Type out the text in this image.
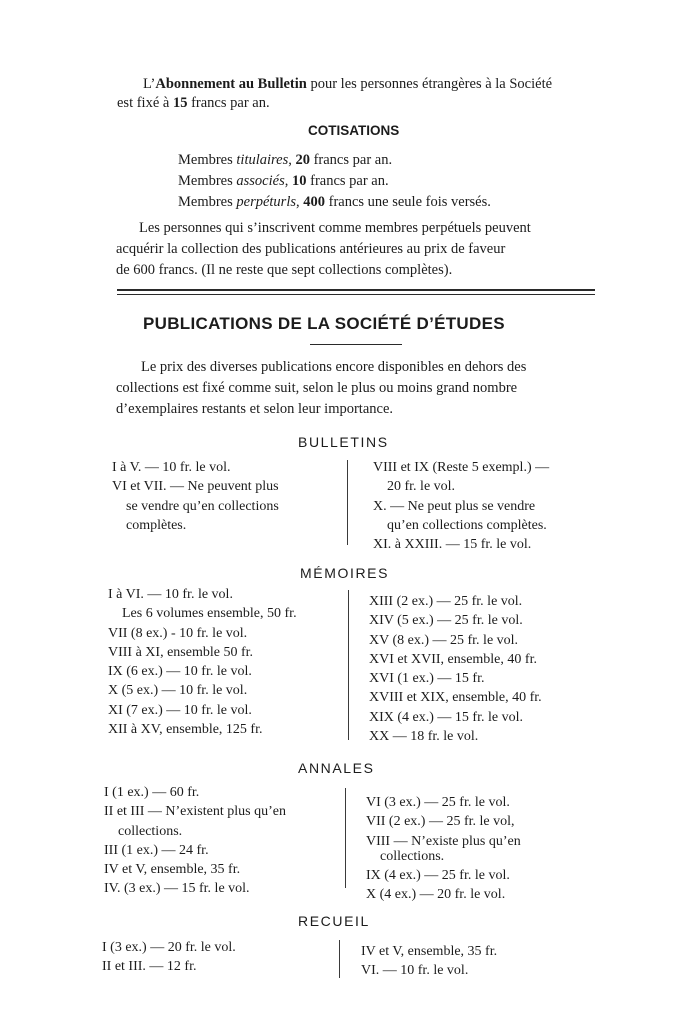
L’Abonnement au Bulletin pour les personnes étrangères à la Société
est fixé à 15 francs par an.
COTISATIONS
Membres titulaires, 20 francs par an.
Membres associés, 10 francs par an.
Membres perpéturls, 400 francs une seule fois versés.
Les personnes qui s’inscrivent comme membres perpétuels peuvent
acquérir la collection des publications antérieures au prix de faveur
de 600 francs. (Il ne reste que sept collections complètes).
PUBLICATIONS DE LA SOCIÉTÉ D’ÉTUDES
Le prix des diverses publications encore disponibles en dehors des
collections est fixé comme suit, selon le plus ou moins grand nombre
d’exemplaires restants et selon leur importance.
BULLETINS
I à V. — 10 fr. le vol.
VI et VII. — Ne peuvent plus
se vendre qu’en collections
complètes.
VIII et IX (Reste 5 exempl.) —
20 fr. le vol.
X. — Ne peut plus se vendre
qu’en collections complètes.
XI. à XXIII. — 15 fr. le vol.
MÉMOIRES
I à VI. — 10 fr. le vol.
Les 6 volumes ensemble, 50 fr.
VII (8 ex.) - 10 fr. le vol.
VIII à XI, ensemble 50 fr.
IX (6 ex.) — 10 fr. le vol.
X (5 ex.) — 10 fr. le vol.
XI (7 ex.) — 10 fr. le vol.
XII à XV, ensemble, 125 fr.
XIII (2 ex.) — 25 fr. le vol.
XIV (5 ex.) — 25 fr. le vol.
XV (8 ex.) — 25 fr. le vol.
XVI et XVII, ensemble, 40 fr.
XVI (1 ex.) — 15 fr.
XVIII et XIX, ensemble, 40 fr.
XIX (4 ex.) — 15 fr. le vol.
XX — 18 fr. le vol.
ANNALES
I (1 ex.) — 60 fr.
II et III — N’existent plus qu’en
collections.
III (1 ex.) — 24 fr.
IV et V, ensemble, 35 fr.
IV. (3 ex.) — 15 fr. le vol.
VI (3 ex.) — 25 fr. le vol.
VII (2 ex.) — 25 fr. le vol,
VIII — N’existe plus qu’en
collections.
IX (4 ex.) — 25 fr. le vol.
X (4 ex.) — 20 fr. le vol.
RECUEIL
I (3 ex.) — 20 fr. le vol.
II et III. — 12 fr.
IV et V, ensemble, 35 fr.
VI. — 10 fr. le vol.
